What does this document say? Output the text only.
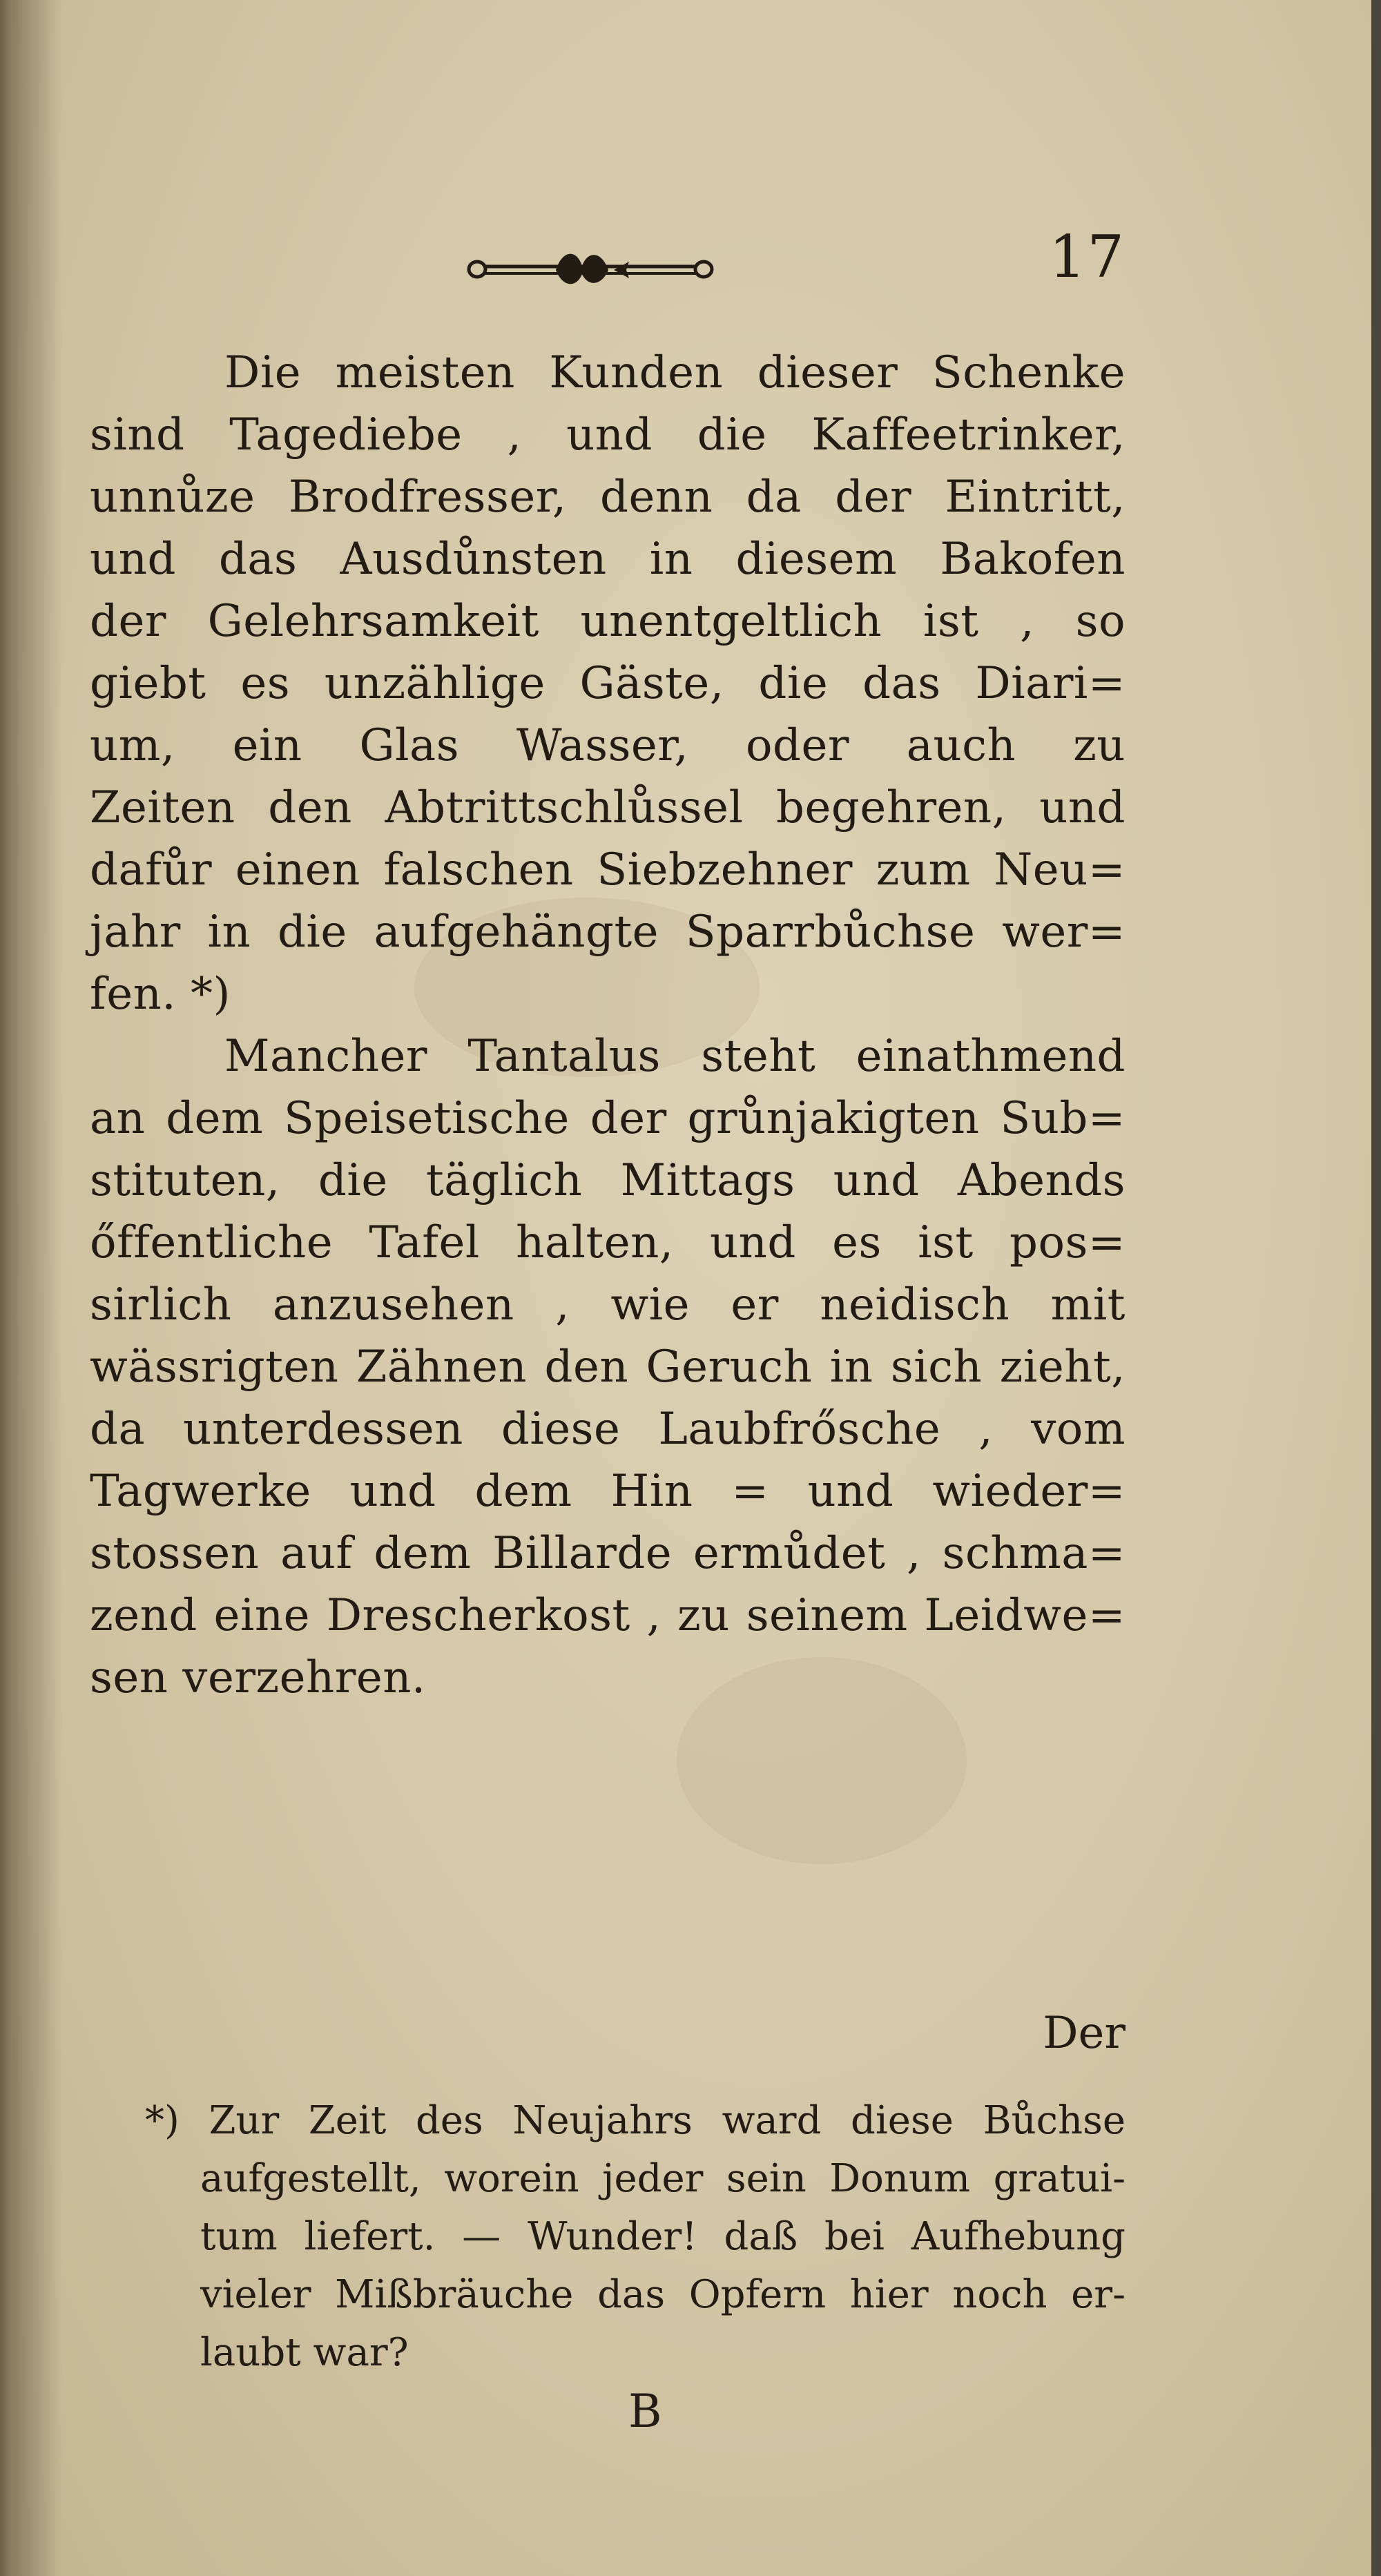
17
Die meisten Kunden dieser Schenke
sind Tagediebe , und die Kaffeetrinker,
unnůze Brodfresser, denn da der Eintritt,
und das Ausdůnsten in diesem Bakofen
der Gelehrsamkeit unentgeltlich ist , so
giebt es unzählige Gäste, die das Diari=
um, ein Glas Wasser, oder auch zu
Zeiten den Abtrittschlůssel begehren, und
dafůr einen falschen Siebzehner zum Neu=
jahr in die aufgehängte Sparrbůchse wer=
fen. *)
Mancher Tantalus steht einathmend
an dem Speisetische der grůnjakigten Sub=
stituten, die täglich Mittags und Abends
őffentliche Tafel halten, und es ist pos=
sirlich anzusehen , wie er neidisch mit
wässrigten Zähnen den Geruch in sich zieht,
da unterdessen diese Laubfrősche , vom
Tagwerke und dem Hin = und wieder=
stossen auf dem Billarde ermůdet , schma=
zend eine Drescherkost , zu seinem Leidwe=
sen verzehren.
Der
*) Zur Zeit des Neujahrs ward diese Bůchse
aufgestellt, worein jeder sein Donum gratui-
tum liefert. — Wunder! daß bei Aufhebung
vieler Mißbräuche das Opfern hier noch er-
laubt war?
B
